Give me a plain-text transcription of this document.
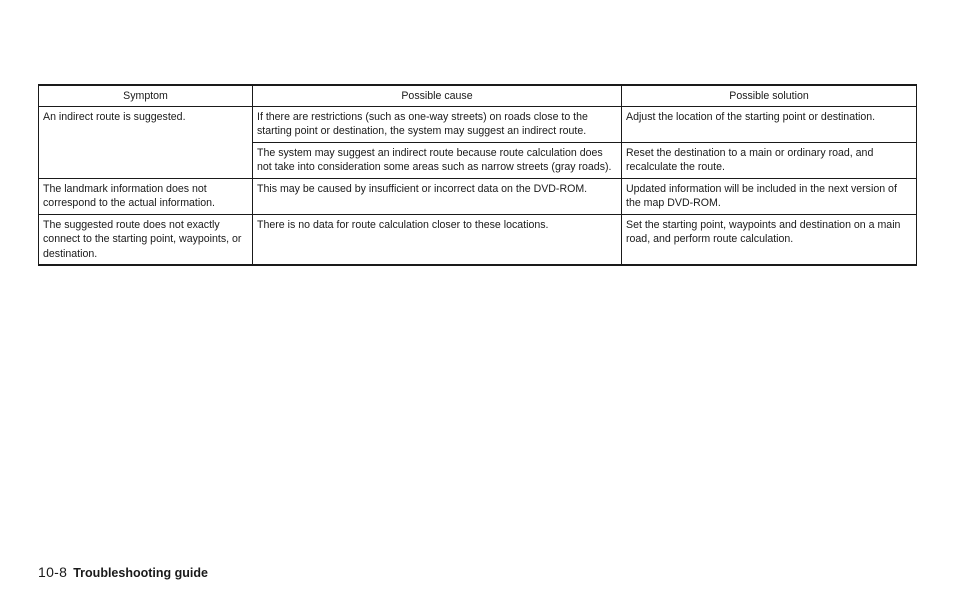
Symptom	Possible cause	Possible solution
An indirect route is suggested.	If there are restrictions (such as one-way streets) on roads close to the starting point or destination, the system may suggest an indirect route.	Adjust the location of the starting point or destination.
	The system may suggest an indirect route because route calculation does not take into consideration some areas such as narrow streets (gray roads).	Reset the destination to a main or ordinary road, and recalculate the route.
The landmark information does not correspond to the actual information.	This may be caused by insufficient or incorrect data on the DVD-ROM.	Updated information will be included in the next version of the map DVD-ROM.
The suggested route does not exactly connect to the starting point, waypoints, or destination.	There is no data for route calculation closer to these locations.	Set the starting point, waypoints and destination on a main road, and perform route calculation.
10-8 Troubleshooting guide
